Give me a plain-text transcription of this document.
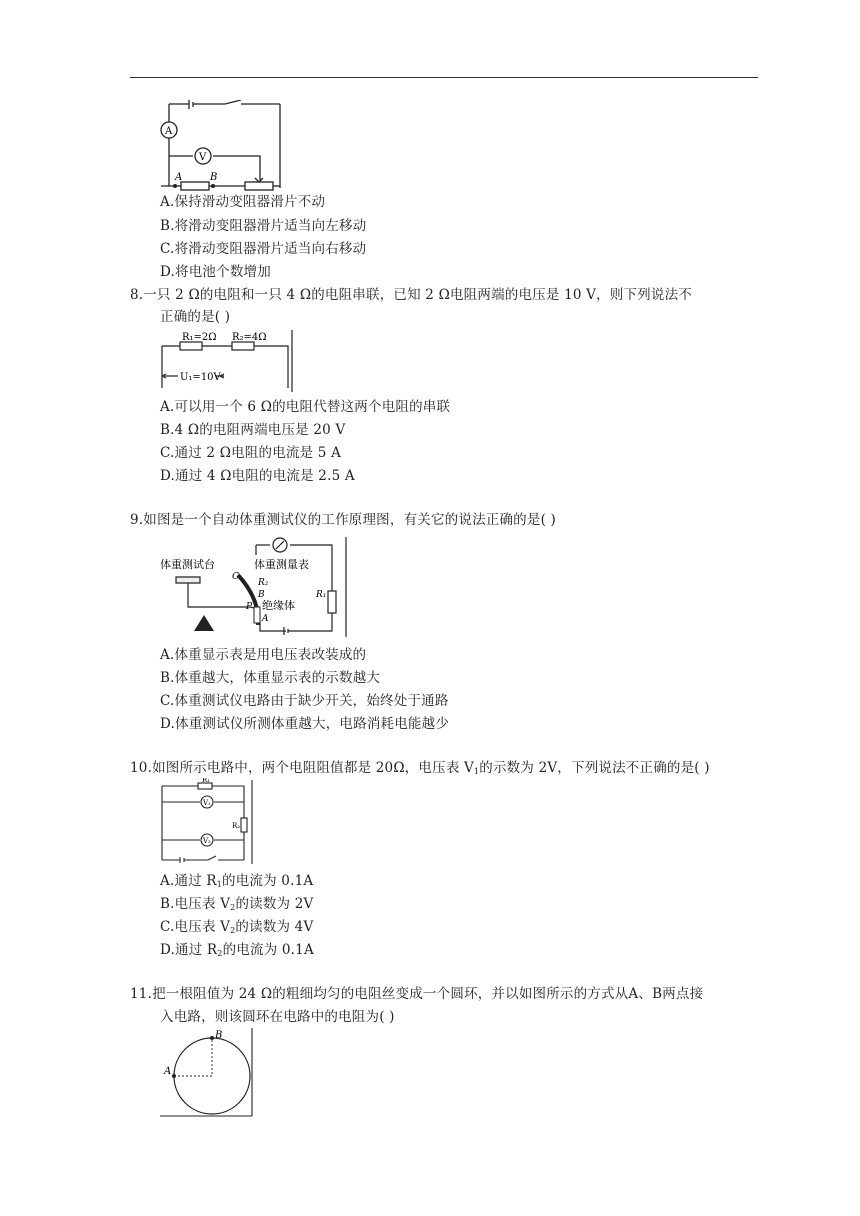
A
V
A	B
A.保持滑动变阻器滑片不动
B.将滑动变阻器滑片适当向左移动
C.将滑动变阻器滑片适当向右移动
D.将电池个数增加
8.一只 2 Ω的电阻和一只 4 Ω的电阻串联，已知 2 Ω电阻两端的电压是 10 V，则下列说法不
正确的是( )
R₁=2Ω R₂=4Ω
U₁=10V
A.可以用一个 6 Ω的电阻代替这两个电阻的串联
B.4 Ω的电阻两端电压是 20 V
C.通过 2 Ω电阻的电流是 5 A
D.通过 4 Ω电阻的电流是 2.5 A
9.如图是一个自动体重测试仪的工作原理图，有关它的说法正确的是( )
体重测试台	体重测量表
C
R₂
B
P 绝缘体
A
R₁
A.体重显示表是用电压表改装成的
B.体重越大，体重显示表的示数越大
C.体重测试仪电路由于缺少开关，始终处于通路
D.体重测试仪所测体重越大，电路消耗电能越少
10.如图所示电路中，两个电阻阻值都是 20Ω，电压表 $V_1$的示数为 2V，下列说法不正确的是( )
R₁
R₂
V₁
V₂
A.通过 $R_1$的电流为 0.1A
B.电压表 $V_2$的读数为 2V
C.电压表 $V_2$的读数为 4V
D.通过 $R_2$的电流为 0.1A
11.把一根阻值为 24 Ω的粗细均匀的电阻丝变成一个圆环，并以如图所示的方式从A、B两点接
入电路，则该圆环在电路中的电阻为( )
A
B
